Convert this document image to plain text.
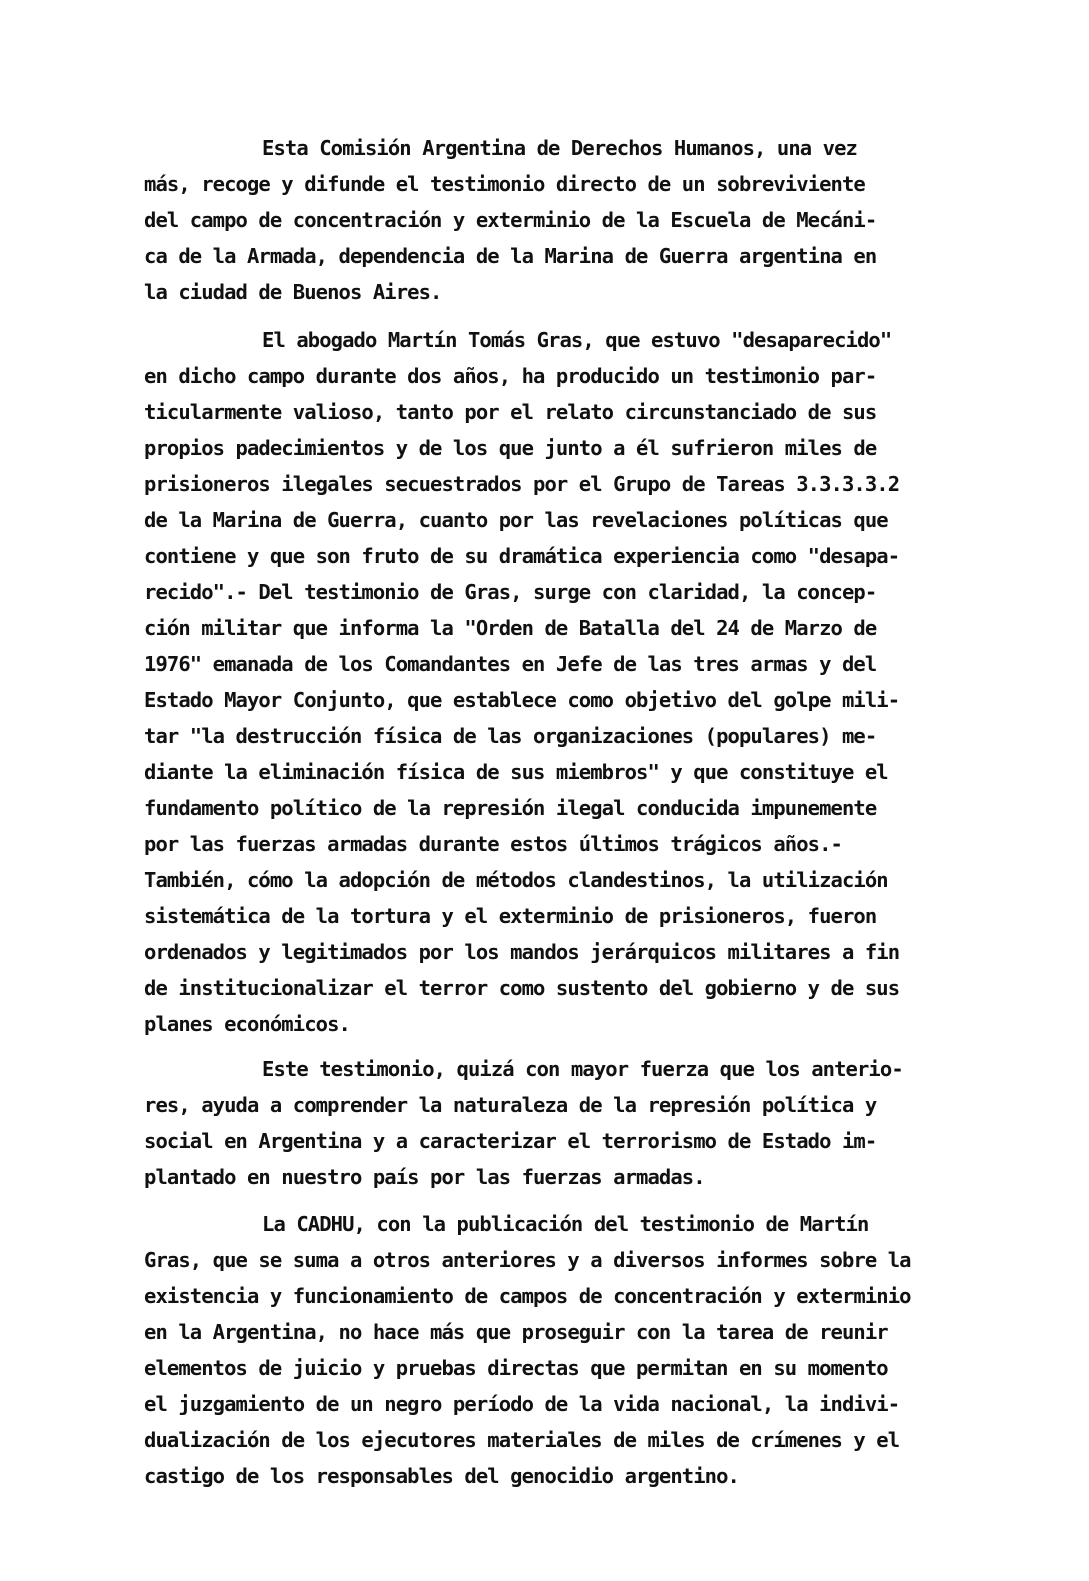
Esta Comisión Argentina de Derechos Humanos, una vez
más, recoge y difunde el testimonio directo de un sobreviviente
del campo de concentración y exterminio de la Escuela de Mecáni-
ca de la Armada, dependencia de la Marina de Guerra argentina en
la ciudad de Buenos Aires.
El abogado Martín Tomás Gras, que estuvo "desaparecido"
en dicho campo durante dos años, ha producido un testimonio par-
ticularmente valioso, tanto por el relato circunstanciado de sus
propios padecimientos y de los que junto a él sufrieron miles de
prisioneros ilegales secuestrados por el Grupo de Tareas 3.3.3.3.2
de la Marina de Guerra, cuanto por las revelaciones políticas que
contiene y que son fruto de su dramática experiencia como "desapa-
recido".- Del testimonio de Gras, surge con claridad, la concep-
ción militar que informa la "Orden de Batalla del 24 de Marzo de
1976" emanada de los Comandantes en Jefe de las tres armas y del
Estado Mayor Conjunto, que establece como objetivo del golpe mili-
tar "la destrucción física de las organizaciones (populares) me-
diante la eliminación física de sus miembros" y que constituye el
fundamento político de la represión ilegal conducida impunemente
por las fuerzas armadas durante estos últimos trágicos años.-
También, cómo la adopción de métodos clandestinos, la utilización
sistemática de la tortura y el exterminio de prisioneros, fueron
ordenados y legitimados por los mandos jerárquicos militares a fin
de institucionalizar el terror como sustento del gobierno y de sus
planes económicos.
Este testimonio, quizá con mayor fuerza que los anterio-
res, ayuda a comprender la naturaleza de la represión política y
social en Argentina y a caracterizar el terrorismo de Estado im-
plantado en nuestro país por las fuerzas armadas.
La CADHU, con la publicación del testimonio de Martín
Gras, que se suma a otros anteriores y a diversos informes sobre la
existencia y funcionamiento de campos de concentración y exterminio
en la Argentina, no hace más que proseguir con la tarea de reunir
elementos de juicio y pruebas directas que permitan en su momento
el juzgamiento de un negro período de la vida nacional, la indivi-
dualización de los ejecutores materiales de miles de crímenes y el
castigo de los responsables del genocidio argentino.
